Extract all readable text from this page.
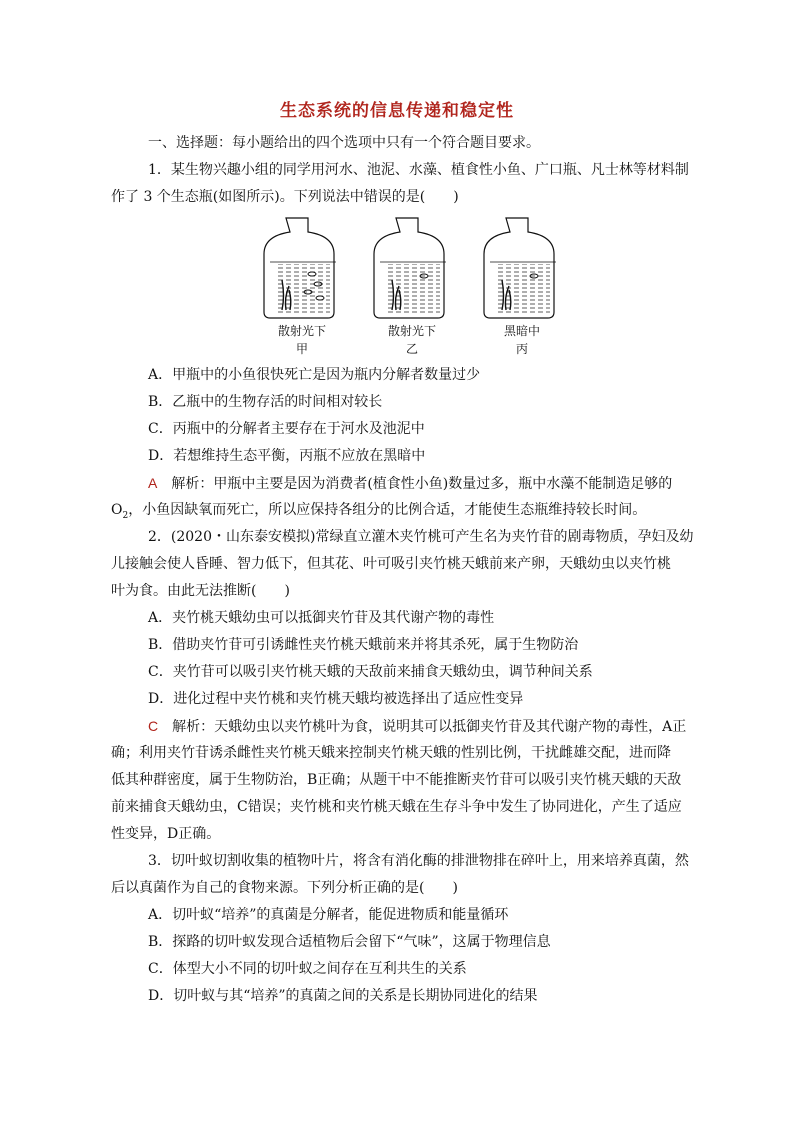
生态系统的信息传递和稳定性
一、选择题：每小题给出的四个选项中只有一个符合题目要求。
1．某生物兴趣小组的同学用河水、池泥、水藻、植食性小鱼、广口瓶、凡士林等材料制
作了 3 个生态瓶(如图所示)。下列说法中错误的是(　　)
散射光下
甲
散射光下
乙
黑暗中
丙
A．甲瓶中的小鱼很快死亡是因为瓶内分解者数量过少
B．乙瓶中的生物存活的时间相对较长
C．丙瓶中的分解者主要存在于河水及池泥中
D．若想维持生态平衡，丙瓶不应放在黑暗中
A  解析：甲瓶中主要是因为消费者(植食性小鱼)数量过多，瓶中水藻不能制造足够的
$O_2$，小鱼因缺氧而死亡，所以应保持各组分的比例合适，才能使生态瓶维持较长时间。
2．(2020・山东泰安模拟)常绿直立灌木夹竹桃可产生名为夹竹苷的剧毒物质，孕妇及幼
儿接触会使人昏睡、智力低下，但其花、叶可吸引夹竹桃天蛾前来产卵，天蛾幼虫以夹竹桃
叶为食。由此无法推断(　　)
A．夹竹桃天蛾幼虫可以抵御夹竹苷及其代谢产物的毒性
B．借助夹竹苷可引诱雌性夹竹桃天蛾前来并将其杀死，属于生物防治
C．夹竹苷可以吸引夹竹桃天蛾的天敌前来捕食天蛾幼虫，调节种间关系
D．进化过程中夹竹桃和夹竹桃天蛾均被选择出了适应性变异
C  解析：天蛾幼虫以夹竹桃叶为食，说明其可以抵御夹竹苷及其代谢产物的毒性，A正
确；利用夹竹苷诱杀雌性夹竹桃天蛾来控制夹竹桃天蛾的性别比例，干扰雌雄交配，进而降
低其种群密度，属于生物防治，B正确；从题干中不能推断夹竹苷可以吸引夹竹桃天蛾的天敌
前来捕食天蛾幼虫，C错误；夹竹桃和夹竹桃天蛾在生存斗争中发生了协同进化，产生了适应
性变异，D正确。
3．切叶蚁切割收集的植物叶片，将含有消化酶的排泄物排在碎叶上，用来培养真菌，然
后以真菌作为自己的食物来源。下列分析正确的是(　　)
A．切叶蚁“培养”的真菌是分解者，能促进物质和能量循环
B．探路的切叶蚁发现合适植物后会留下“气味”，这属于物理信息
C．体型大小不同的切叶蚁之间存在互利共生的关系
D．切叶蚁与其“培养”的真菌之间的关系是长期协同进化的结果
